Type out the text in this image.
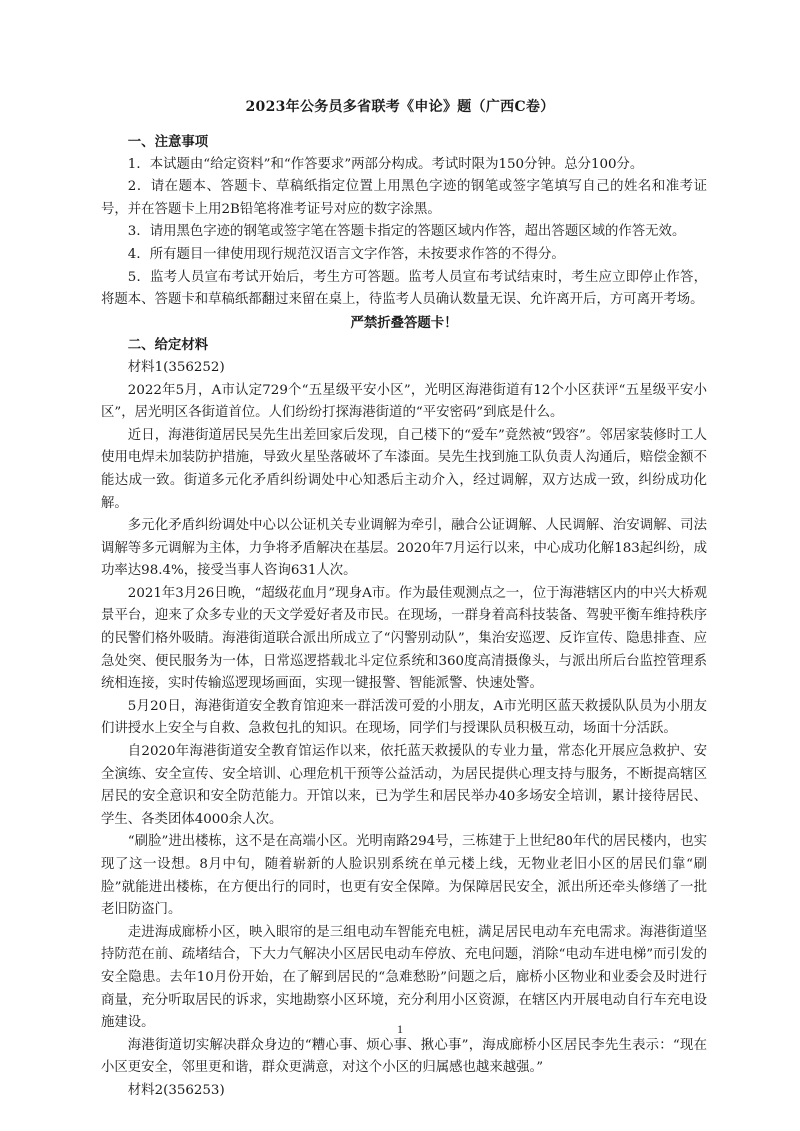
2023年公务员多省联考《申论》题（广西C卷）

一、注意事项

1．本试题由“给定资料”和“作答要求”两部分构成。考试时限为150分钟。总分100分。

2．请在题本、答题卡、草稿纸指定位置上用黑色字迹的钢笔或签字笔填写自己的姓名和准考证号，并在答题卡上用2B铅笔将准考证号对应的数字涂黑。

3．请用黑色字迹的钢笔或签字笔在答题卡指定的答题区域内作答，超出答题区域的作答无效。

4．所有题目一律使用现行规范汉语言文字作答，未按要求作答的不得分。

5．监考人员宣布考试开始后，考生方可答题。监考人员宣布考试结束时，考生应立即停止作答，将题本、答题卡和草稿纸都翻过来留在桌上，待监考人员确认数量无误、允许离开后，方可离开考场。

严禁折叠答题卡！

二、给定材料

材料1(356252)

2022年5月，A市认定729个“五星级平安小区”，光明区海港街道有12个小区获评“五星级平安小区”，居光明区各街道首位。人们纷纷打探海港街道的“平安密码”到底是什么。

近日，海港街道居民吴先生出差回家后发现，自己楼下的“爱车”竟然被“毁容”。邻居家装修时工人使用电焊未加装防护措施，导致火星坠落破坏了车漆面。吴先生找到施工队负责人沟通后，赔偿金额不能达成一致。街道多元化矛盾纠纷调处中心知悉后主动介入，经过调解，双方达成一致，纠纷成功化解。

多元化矛盾纠纷调处中心以公证机关专业调解为牵引，融合公证调解、人民调解、治安调解、司法调解等多元调解为主体，力争将矛盾解决在基层。2020年7月运行以来，中心成功化解183起纠纷，成功率达98.4%，接受当事人咨询631人次。

2021年3月26日晚，“超级花血月”现身A市。作为最佳观测点之一，位于海港辖区内的中兴大桥观景平台，迎来了众多专业的天文学爱好者及市民。在现场，一群身着高科技装备、驾驶平衡车维持秩序的民警们格外吸睛。海港街道联合派出所成立了“闪警别动队”，集治安巡逻、反诈宣传、隐患排查、应急处突、便民服务为一体，日常巡逻搭载北斗定位系统和360度高清摄像头，与派出所后台监控管理系统相连接，实时传输巡逻现场画面，实现一键报警、智能派警、快速处警。

5月20日，海港街道安全教育馆迎来一群活泼可爱的小朋友，A市光明区蓝天救援队队员为小朋友们讲授水上安全与自救、急救包扎的知识。在现场，同学们与授课队员积极互动，场面十分活跃。

自2020年海港街道安全教育馆运作以来，依托蓝天救援队的专业力量，常态化开展应急救护、安全演练、安全宣传、安全培训、心理危机干预等公益活动，为居民提供心理支持与服务，不断提高辖区居民的安全意识和安全防范能力。开馆以来，已为学生和居民举办40多场安全培训，累计接待居民、学生、各类团体4000余人次。

“刷脸”进出楼栋，这不是在高端小区。光明南路294号，三栋建于上世纪80年代的居民楼内，也实现了这一设想。8月中旬，随着崭新的人脸识别系统在单元楼上线，无物业老旧小区的居民们靠“刷脸”就能进出楼栋，在方便出行的同时，也更有安全保障。为保障居民安全，派出所还牵头修缮了一批老旧防盗门。

走进海成廊桥小区，映入眼帘的是三组电动车智能充电桩，满足居民电动车充电需求。海港街道坚持防范在前、疏堵结合，下大力气解决小区居民电动车停放、充电问题，消除“电动车进电梯”而引发的安全隐患。去年10月份开始，在了解到居民的“急难愁盼”问题之后，廊桥小区物业和业委会及时进行商量，充分听取居民的诉求，实地勘察小区环境，充分利用小区资源，在辖区内开展电动自行车充电设施建设。

海港街道切实解决群众身边的“糟心事、烦心事、揪心事”，海成廊桥小区居民李先生表示：“现在小区更安全，邻里更和谐，群众更满意，对这个小区的归属感也越来越强。”

材料2(356253)

1
